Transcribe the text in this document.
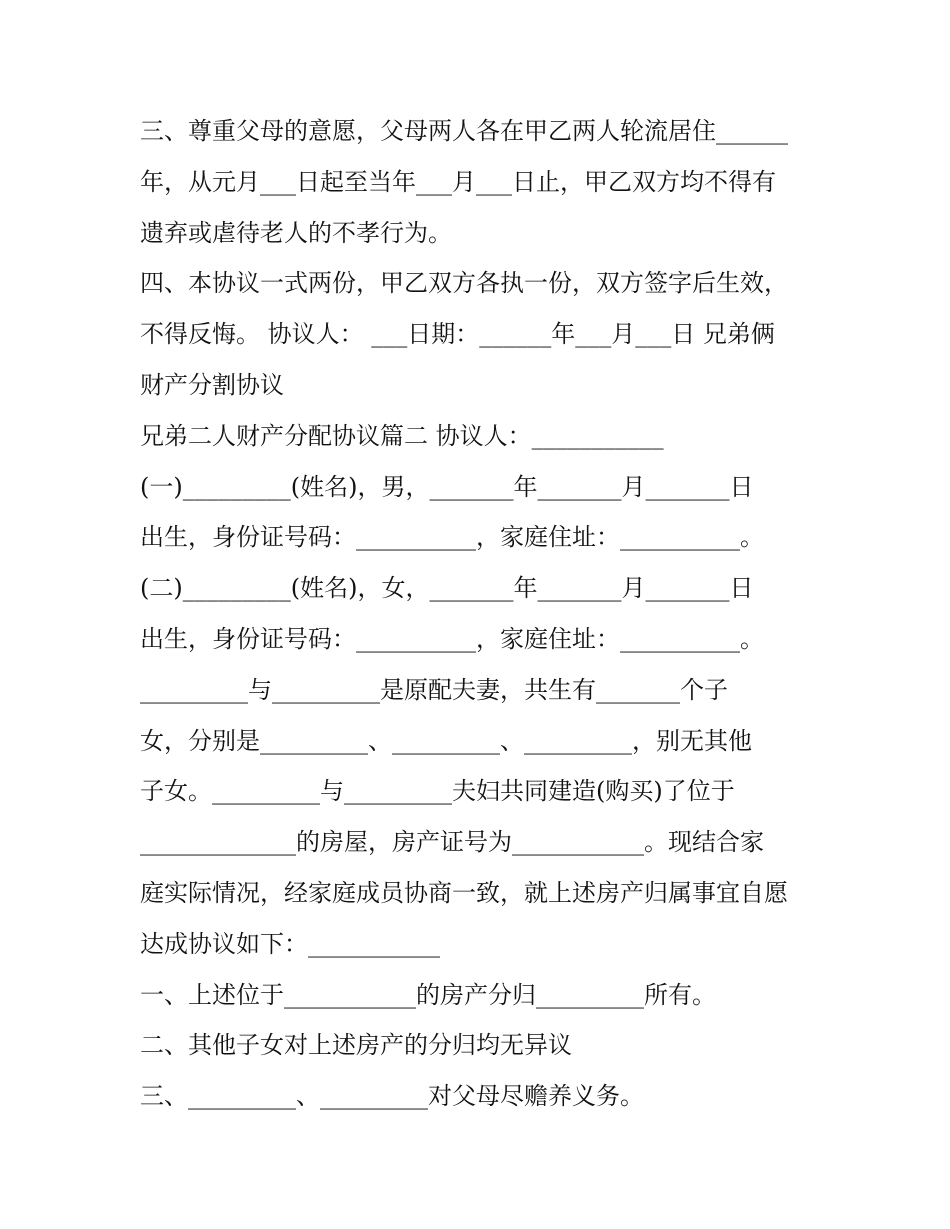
三、尊重父母的意愿，父母两人各在甲乙两人轮流居住______
年，从元月___日起至当年___月___日止，甲乙双方均不得有
遗弃或虐待老人的不孝行为。
四、本协议一式两份，甲乙双方各执一份，双方签字后生效，
不得反悔。 协议人： ___日期：______年___月___日 兄弟俩
财产分割协议
兄弟二人财产分配协议篇二 协议人：___________
(一)_________(姓名)，男，_______年_______月_______日
出生，身份证号码：__________，家庭住址：__________。
(二)_________(姓名)，女，_______年_______月_______日
出生，身份证号码：__________，家庭住址：__________。
_________与_________是原配夫妻，共生有_______个子
女，分别是_________、_________、_________，别无其他
子女。_________与_________夫妇共同建造(购买)了位于
_____________的房屋，房产证号为___________。现结合家
庭实际情况，经家庭成员协商一致，就上述房产归属事宜自愿
达成协议如下：___________
一、上述位于___________的房产分归_________所有。
二、其他子女对上述房产的分归均无异议
三、_________、_________对父母尽赡养义务。
